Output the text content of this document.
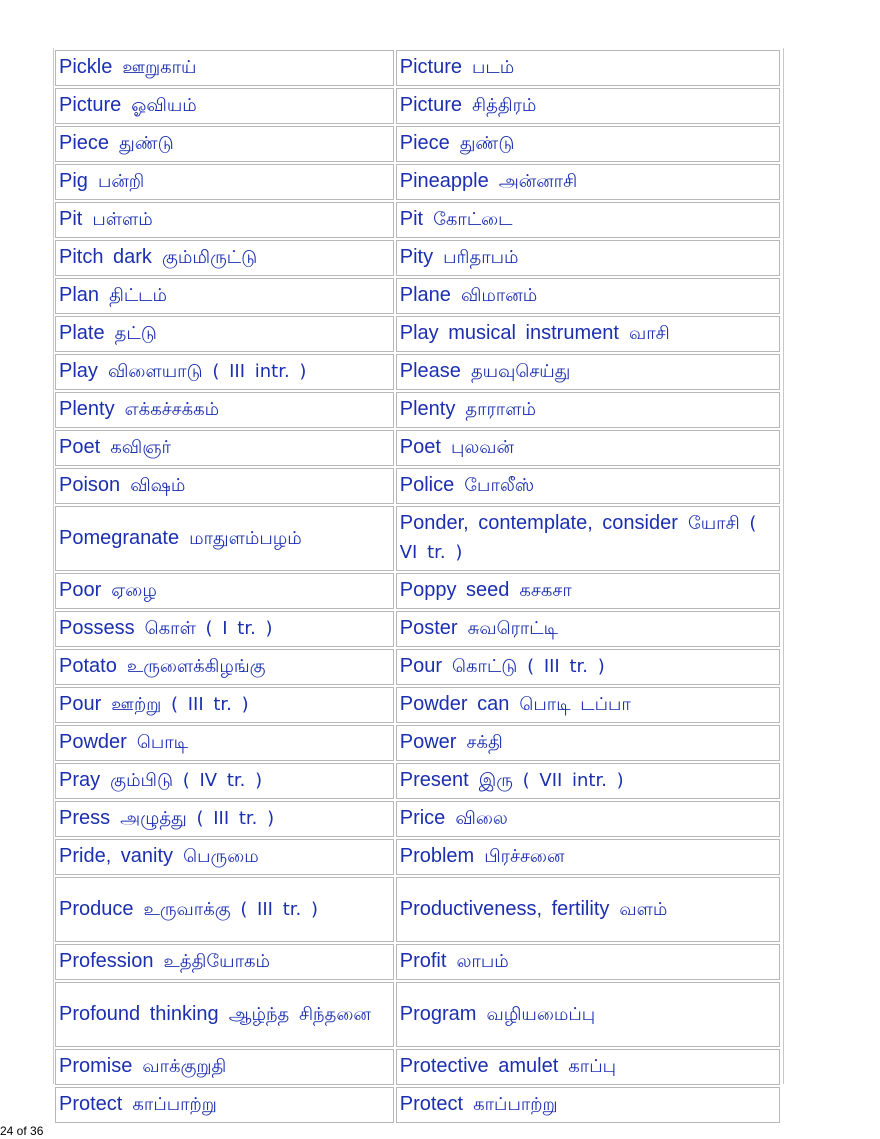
Pickle ஊறுகாய்	Picture படம்
Picture ஓவியம்	Picture சித்திரம்
Piece துண்டு	Piece துண்டு
Pig பன்றி	Pineapple அன்னாசி
Pit பள்ளம்	Pit கோட்டை
Pitch dark கும்மிருட்டு	Pity பரிதாபம்
Plan திட்டம்	Plane விமானம்
Plate தட்டு	Play musical instrument வாசி
Play விளையாடு ( III intr. )	Please தயவுசெய்து
Plenty எக்கச்சக்கம்	Plenty தாராளம்
Poet கவிஞர்	Poet புலவன்
Poison விஷம்	Police போலீஸ்
Pomegranate மாதுளம்பழம்	Ponder, contemplate, consider யோசி ( VI tr. )
Poor ஏழை	Poppy seed கசகசா
Possess கொள் ( I tr. )	Poster சுவரொட்டி
Potato உருளைக்கிழங்கு	Pour கொட்டு ( III tr. )
Pour ஊற்று ( III tr. )	Powder can பொடி டப்பா
Powder பொடி	Power சக்தி
Pray கும்பிடு ( IV tr. )	Present இரு ( VII intr. )
Press அழுத்து ( III tr. )	Price விலை
Pride, vanity பெருமை	Problem பிரச்சனை
Produce உருவாக்கு ( III tr. )	Productiveness, fertility வளம்
Profession உத்தியோகம்	Profit லாபம்
Profound thinking ஆழ்ந்த சிந்தனை	Program வழியமைப்பு
Promise வாக்குறுதி	Protective amulet காப்பு
Protect காப்பாற்று	Protect காப்பாற்று
24 of 36
